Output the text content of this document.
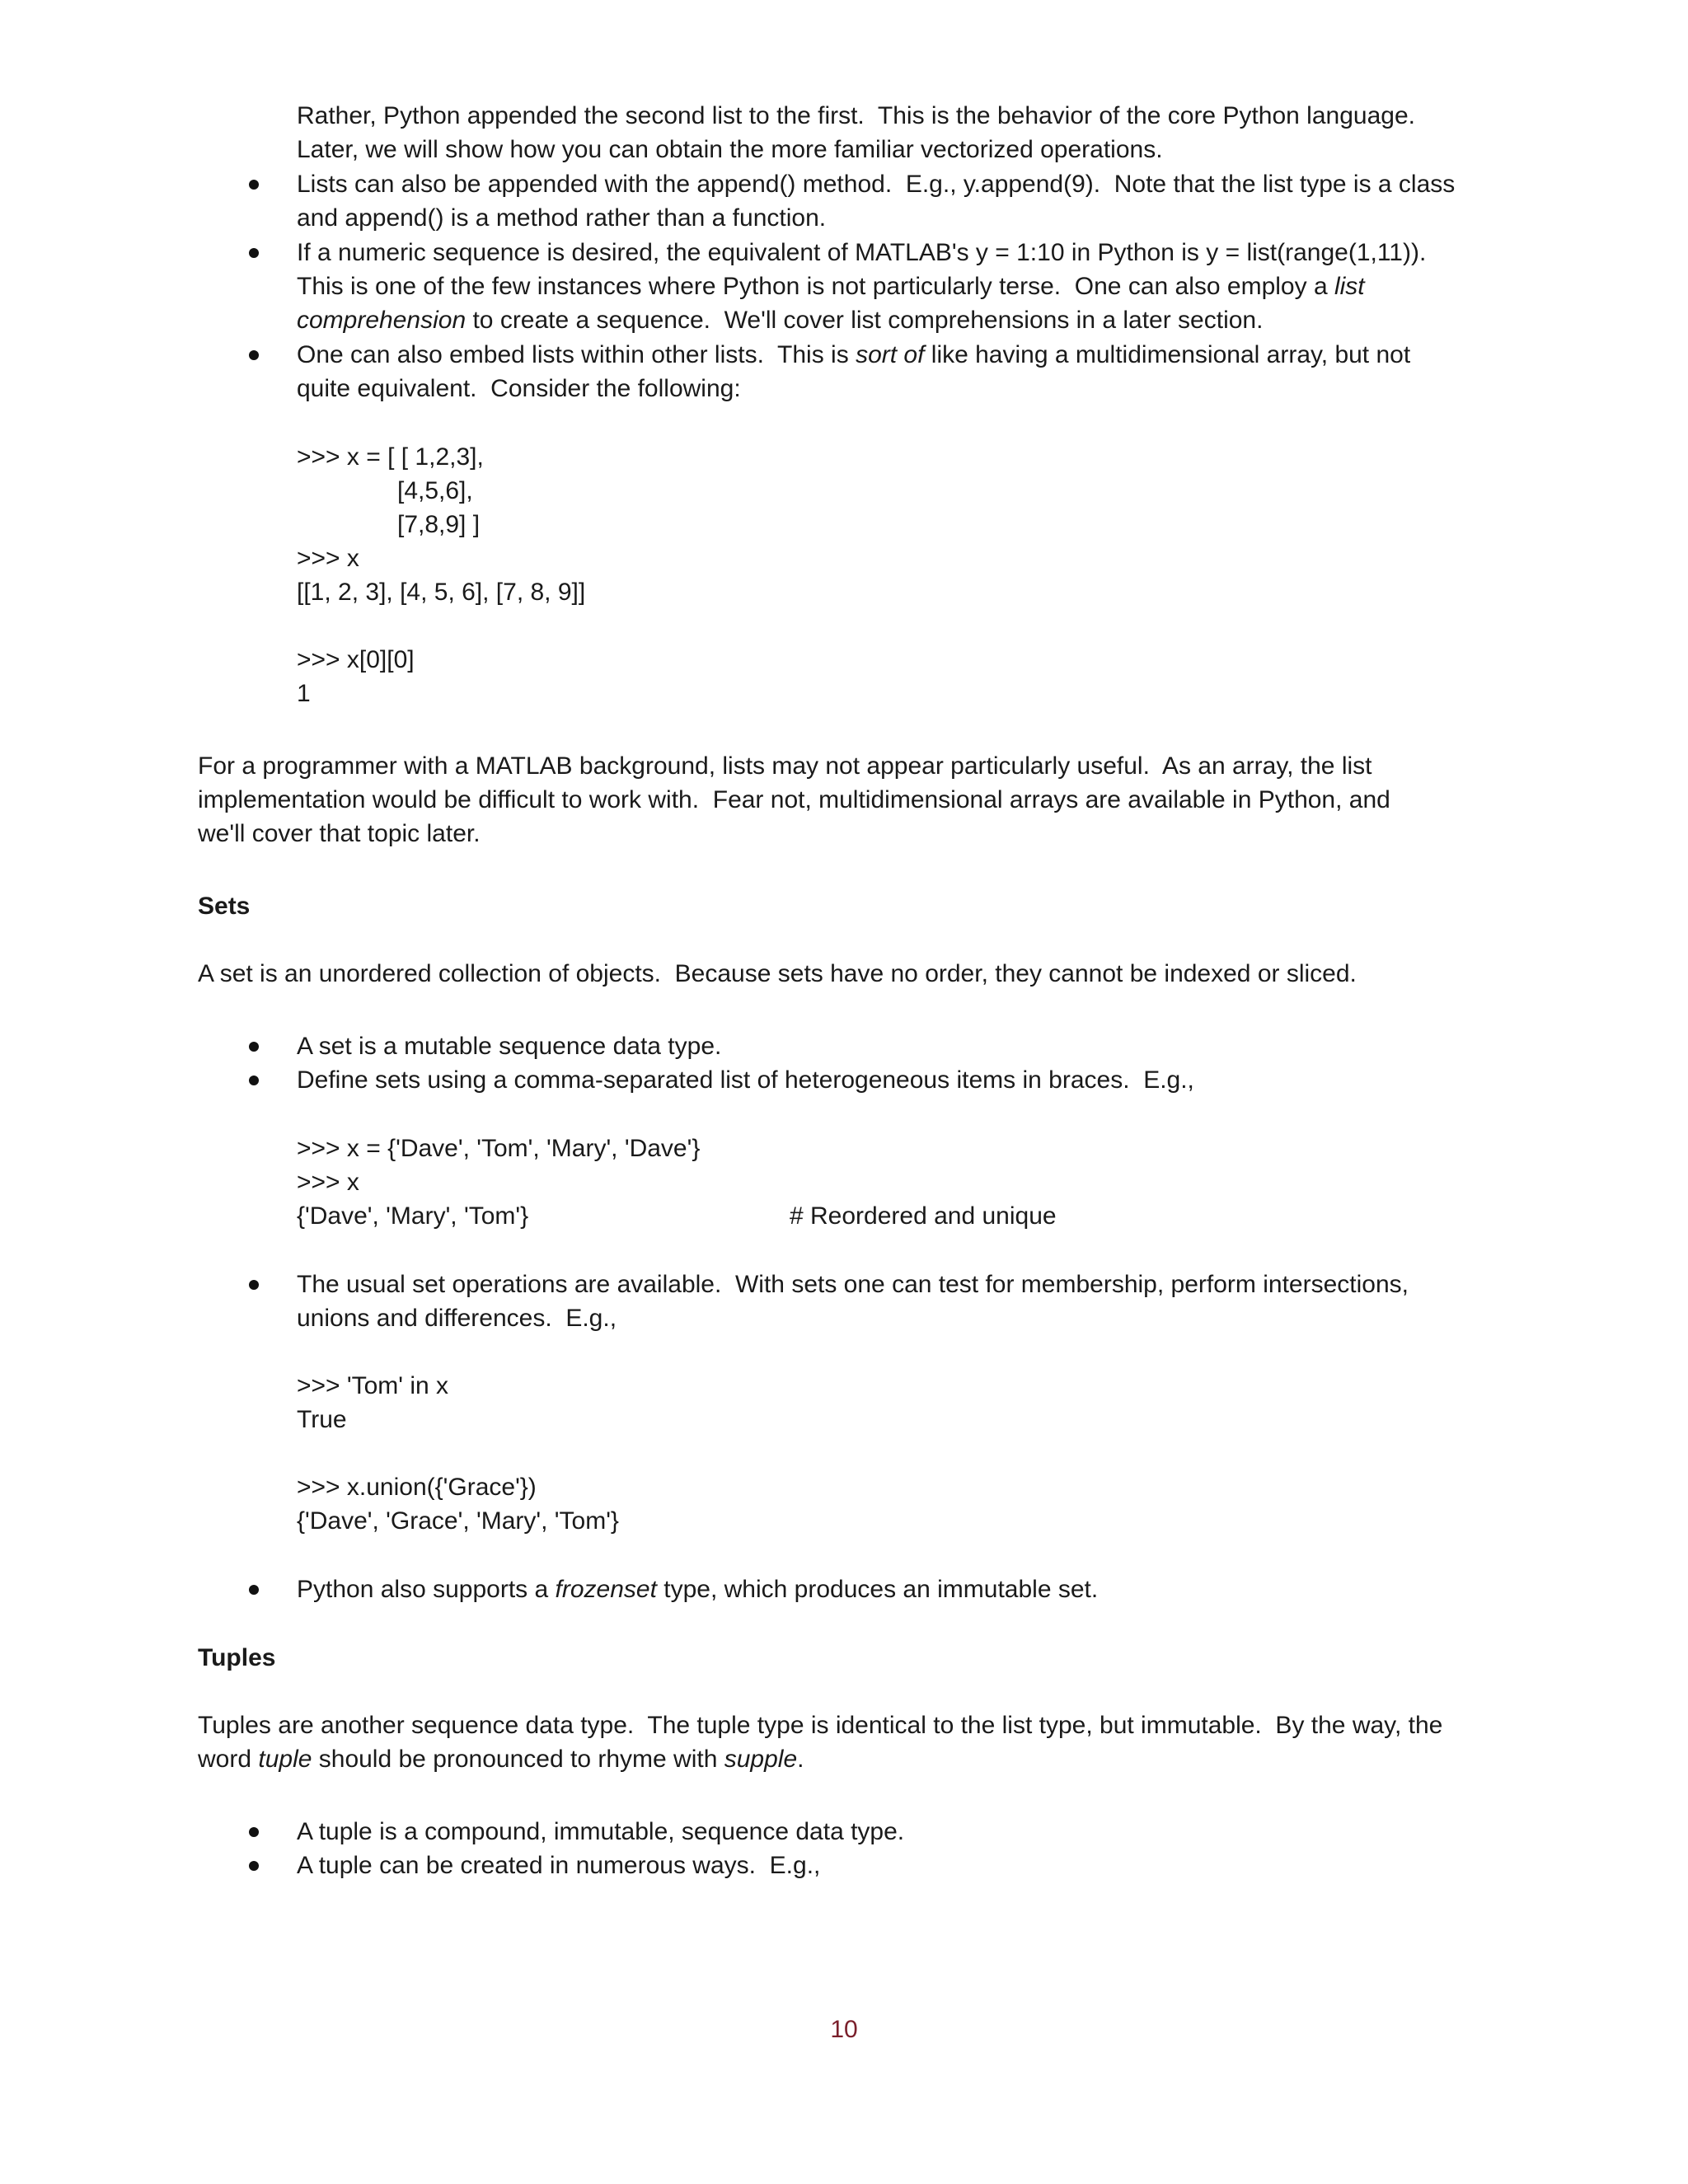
Rather, Python appended the second list to the first.  This is the behavior of the core Python language.
Later, we will show how you can obtain the more familiar vectorized operations.
Lists can also be appended with the append() method.  E.g., y.append(9).  Note that the list type is a class
and append() is a method rather than a function.
If a numeric sequence is desired, the equivalent of MATLAB's y = 1:10 in Python is y = list(range(1,11)).
This is one of the few instances where Python is not particularly terse.  One can also employ a list
comprehension to create a sequence.  We'll cover list comprehensions in a later section.
One can also embed lists within other lists.  This is sort of like having a multidimensional array, but not
quite equivalent.  Consider the following:
>>> x = [ [ 1,2,3],
[4,5,6],
[7,8,9] ]
>>> x
[[1, 2, 3], [4, 5, 6], [7, 8, 9]]
>>> x[0][0]
1
For a programmer with a MATLAB background, lists may not appear particularly useful.  As an array, the list
implementation would be difficult to work with.  Fear not, multidimensional arrays are available in Python, and
we'll cover that topic later.
Sets
A set is an unordered collection of objects.  Because sets have no order, they cannot be indexed or sliced.
A set is a mutable sequence data type.
Define sets using a comma-separated list of heterogeneous items in braces.  E.g.,
>>> x = {'Dave', 'Tom', 'Mary', 'Dave'}
>>> x
{'Dave', 'Mary', 'Tom'}	# Reordered and unique
The usual set operations are available.  With sets one can test for membership, perform intersections,
unions and differences.  E.g.,
>>> 'Tom' in x
True
>>> x.union({'Grace'})
{'Dave', 'Grace', 'Mary', 'Tom'}
Python also supports a frozenset type, which produces an immutable set.
Tuples
Tuples are another sequence data type.  The tuple type is identical to the list type, but immutable.  By the way, the
word tuple should be pronounced to rhyme with supple.
A tuple is a compound, immutable, sequence data type.
A tuple can be created in numerous ways.  E.g.,
10
